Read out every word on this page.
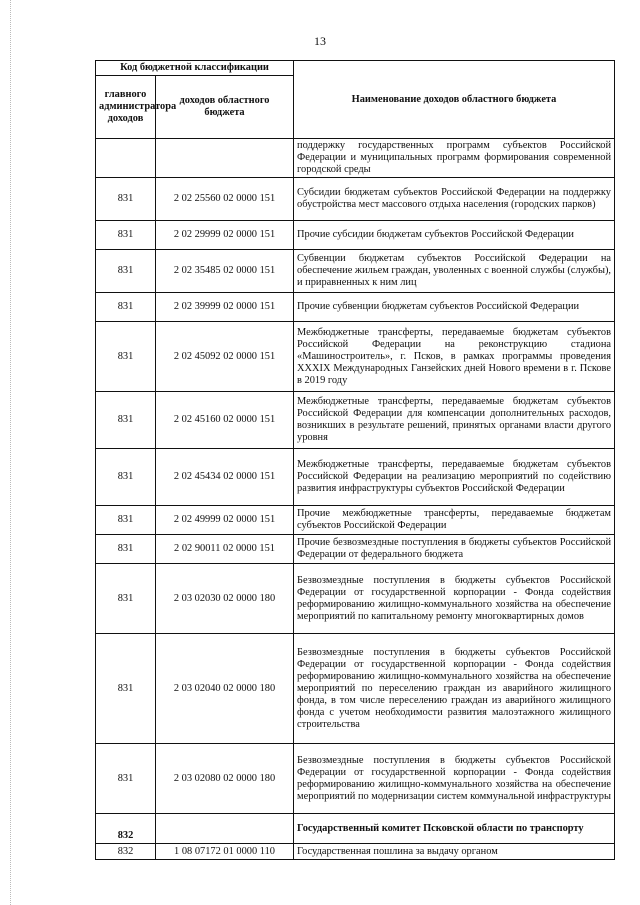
13
Код бюджетной классификации		Наименование доходов областного бюджета
главного администратора доходов	доходов областного бюджета	
		поддержку государственных программ субъектов Российской Федерации и муниципальных программ формирования современной городской среды
831	2 02 25560 02 0000 151	Субсидии бюджетам субъектов Российской Федерации на поддержку обустройства мест массового отдыха населения (городских парков)
831	2 02 29999 02 0000 151	Прочие субсидии бюджетам субъектов Российской Федерации
831	2 02 35485 02 0000 151	Субвенции бюджетам субъектов Российской Федерации на обеспечение жильем граждан, уволенных с военной службы (службы), и приравненных к ним лиц
831	2 02 39999 02 0000 151	Прочие субвенции бюджетам субъектов Российской Федерации
831	2 02 45092 02 0000 151	Межбюджетные трансферты, передаваемые бюджетам субъектов Российской Федерации на реконструкцию стадиона «Машиностроитель», г. Псков, в рамках программы проведения XXXIX Международных Ганзейских дней Нового времени в г. Пскове в 2019 году
831	2 02 45160 02 0000 151	Межбюджетные трансферты, передаваемые бюджетам субъектов Российской Федерации для компенсации дополнительных расходов, возникших в результате решений, принятых органами власти другого уровня
831	2 02 45434 02 0000 151	Межбюджетные трансферты, передаваемые бюджетам субъектов Российской Федерации на реализацию мероприятий по содействию развития инфраструктуры субъектов Российской Федерации
831	2 02 49999 02 0000 151	Прочие межбюджетные трансферты, передаваемые бюджетам субъектов Российской Федерации
831	2 02 90011 02 0000 151	Прочие безвозмездные поступления в бюджеты субъектов Российской Федерации от федерального бюджета
831	2 03 02030 02 0000 180	Безвозмездные поступления в бюджеты субъектов Российской Федерации от государственной корпорации - Фонда содействия реформированию жилищно-коммунального хозяйства на обеспечение мероприятий по капитальному ремонту многоквартирных домов
831	2 03 02040 02 0000 180	Безвозмездные поступления в бюджеты субъектов Российской Федерации от государственной корпорации - Фонда содействия реформированию жилищно-коммунального хозяйства на обеспечение мероприятий по переселению граждан из аварийного жилищного фонда, в том числе переселению граждан из аварийного жилищного фонда с учетом необходимости развития малоэтажного жилищного строительства
831	2 03 02080 02 0000 180	Безвозмездные поступления в бюджеты субъектов Российской Федерации от государственной корпорации - Фонда содействия реформированию жилищно-коммунального хозяйства на обеспечение мероприятий по модернизации систем коммунальной инфраструктуры
832		Государственный комитет Псковской области по транспорту
832	1 08 07172 01 0000 110	Государственная пошлина за выдачу органом
